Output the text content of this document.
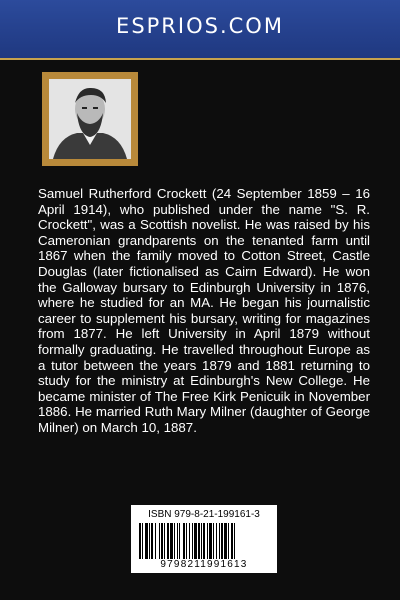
ESPRIOS.COM

Samuel Rutherford Crockett (24 September 1859 – 16 April 1914), who published under the name "S. R. Crockett", was a Scottish novelist. He was raised by his Cameronian grandparents on the tenanted farm until 1867 when the family moved to Cotton Street, Castle Douglas (later fictionalised as Cairn Edward). He won the Galloway bursary to Edinburgh University in 1876, where he studied for an MA. He began his journalistic career to supplement his bursary, writing for magazines from 1877. He left University in April 1879 without formally graduating. He travelled throughout Europe as a tutor between the years 1879 and 1881 returning to study for the ministry at Edinburgh's New College. He became minister of The Free Kirk Penicuik in November 1886. He married Ruth Mary Milner (daughter of George Milner) on March 10, 1887.

ISBN 979-8-21-199161-3
9798211991613
